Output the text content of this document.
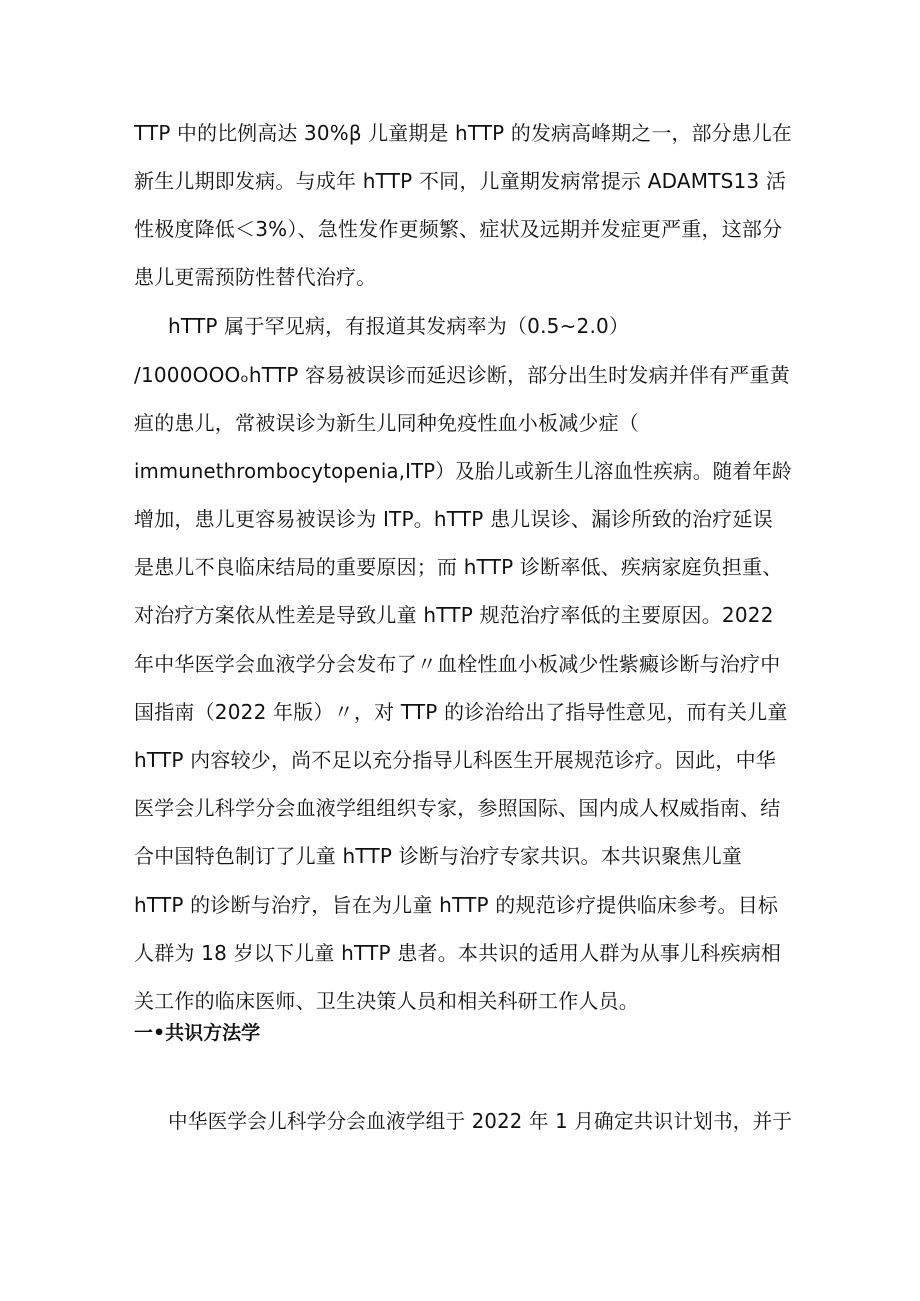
TTP 中的比例高达 30%β 儿童期是 hTTP 的发病高峰期之一，部分患儿在
新生儿期即发病。与成年 hTTP 不同，儿童期发病常提示 ADAMTS13 活
性极度降低＜3%）、急性发作更频繁、症状及远期并发症更严重，这部分
患儿更需预防性替代治疗。
hTTP 属于罕见病，有报道其发病率为（0.5~2.0）
/1000OOOₒhTTP 容易被误诊而延迟诊断，部分出生时发病并伴有严重黄
疸的患儿，常被误诊为新生儿同种免疫性血小板减少症（
immunethrombocytopenia,ITP）及胎儿或新生儿溶血性疾病。随着年龄
增加，患儿更容易被误诊为 ITP。hTTP 患儿误诊、漏诊所致的治疗延误
是患儿不良临床结局的重要原因；而 hTTP 诊断率低、疾病家庭负担重、
对治疗方案依从性差是导致儿童 hTTP 规范治疗率低的主要原因。2022
年中华医学会血液学分会发布了〃血栓性血小板减少性紫癜诊断与治疗中
国指南（2022 年版）〃，对 TTP 的诊治给出了指导性意见，而有关儿童
hTTP 内容较少，尚不足以充分指导儿科医生开展规范诊疗。因此，中华
医学会儿科学分会血液学组组织专家，参照国际、国内成人权威指南、结
合中国特色制订了儿童 hTTP 诊断与治疗专家共识。本共识聚焦儿童
hTTP 的诊断与治疗，旨在为儿童 hTTP 的规范诊疗提供临床参考。目标
人群为 18 岁以下儿童 hTTP 患者。本共识的适用人群为从事儿科疾病相
关工作的临床医师、卫生决策人员和相关科研工作人员。
一•共识方法学
中华医学会儿科学分会血液学组于 2022 年 1 月确定共识计划书，并于
